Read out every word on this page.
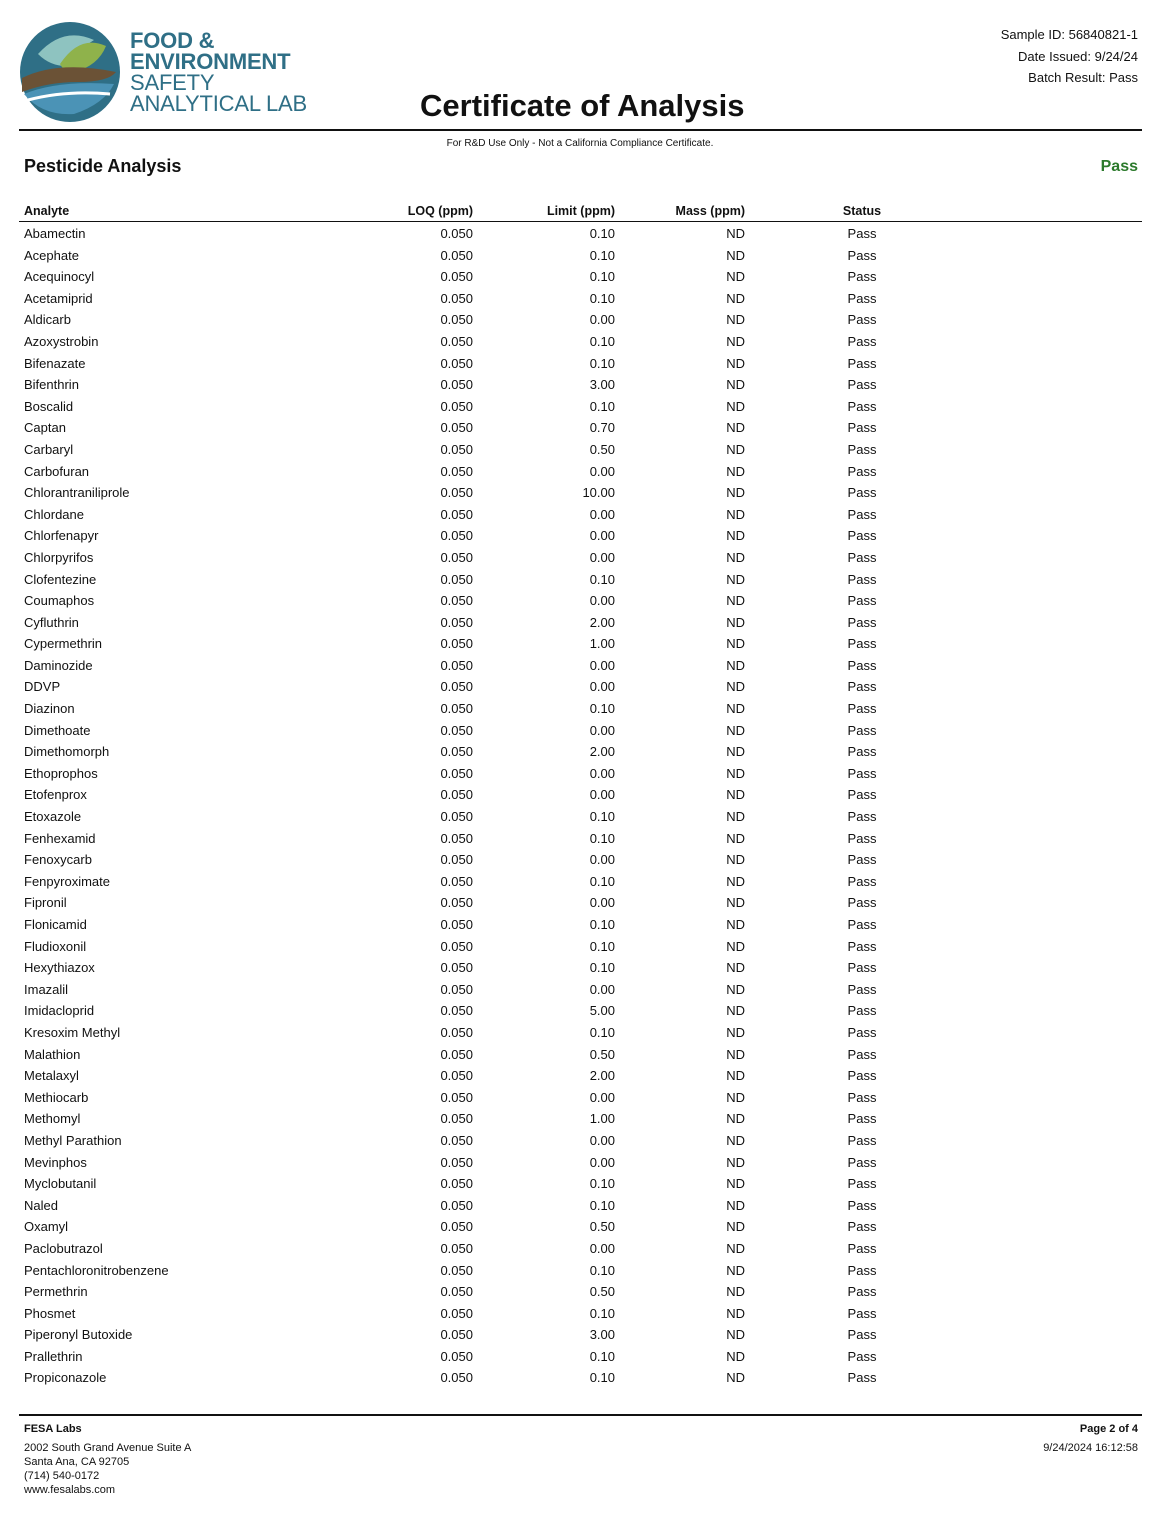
FOOD &
ENVIRONMENT
SAFETY
ANALYTICAL LAB
Sample ID: 56840821-1
Date Issued: 9/24/24
Batch Result: Pass
Certificate of Analysis
For R&D Use Only - Not a California Compliance Certificate.
Pesticide Analysis	Pass
Analyte	LOQ (ppm)	Limit (ppm)	Mass (ppm)	Status
Abamectin	0.050	0.10	ND	Pass
Acephate	0.050	0.10	ND	Pass
Acequinocyl	0.050	0.10	ND	Pass
Acetamiprid	0.050	0.10	ND	Pass
Aldicarb	0.050	0.00	ND	Pass
Azoxystrobin	0.050	0.10	ND	Pass
Bifenazate	0.050	0.10	ND	Pass
Bifenthrin	0.050	3.00	ND	Pass
Boscalid	0.050	0.10	ND	Pass
Captan	0.050	0.70	ND	Pass
Carbaryl	0.050	0.50	ND	Pass
Carbofuran	0.050	0.00	ND	Pass
Chlorantraniliprole	0.050	10.00	ND	Pass
Chlordane	0.050	0.00	ND	Pass
Chlorfenapyr	0.050	0.00	ND	Pass
Chlorpyrifos	0.050	0.00	ND	Pass
Clofentezine	0.050	0.10	ND	Pass
Coumaphos	0.050	0.00	ND	Pass
Cyfluthrin	0.050	2.00	ND	Pass
Cypermethrin	0.050	1.00	ND	Pass
Daminozide	0.050	0.00	ND	Pass
DDVP	0.050	0.00	ND	Pass
Diazinon	0.050	0.10	ND	Pass
Dimethoate	0.050	0.00	ND	Pass
Dimethomorph	0.050	2.00	ND	Pass
Ethoprophos	0.050	0.00	ND	Pass
Etofenprox	0.050	0.00	ND	Pass
Etoxazole	0.050	0.10	ND	Pass
Fenhexamid	0.050	0.10	ND	Pass
Fenoxycarb	0.050	0.00	ND	Pass
Fenpyroximate	0.050	0.10	ND	Pass
Fipronil	0.050	0.00	ND	Pass
Flonicamid	0.050	0.10	ND	Pass
Fludioxonil	0.050	0.10	ND	Pass
Hexythiazox	0.050	0.10	ND	Pass
Imazalil	0.050	0.00	ND	Pass
Imidacloprid	0.050	5.00	ND	Pass
Kresoxim Methyl	0.050	0.10	ND	Pass
Malathion	0.050	0.50	ND	Pass
Metalaxyl	0.050	2.00	ND	Pass
Methiocarb	0.050	0.00	ND	Pass
Methomyl	0.050	1.00	ND	Pass
Methyl Parathion	0.050	0.00	ND	Pass
Mevinphos	0.050	0.00	ND	Pass
Myclobutanil	0.050	0.10	ND	Pass
Naled	0.050	0.10	ND	Pass
Oxamyl	0.050	0.50	ND	Pass
Paclobutrazol	0.050	0.00	ND	Pass
Pentachloronitrobenzene	0.050	0.10	ND	Pass
Permethrin	0.050	0.50	ND	Pass
Phosmet	0.050	0.10	ND	Pass
Piperonyl Butoxide	0.050	3.00	ND	Pass
Prallethrin	0.050	0.10	ND	Pass
Propiconazole	0.050	0.10	ND	Pass
FESA Labs
2002 South Grand Avenue Suite A
Santa Ana, CA 92705
(714) 540-0172
www.fesalabs.com
Page 2 of 4
9/24/2024 16:12:58
